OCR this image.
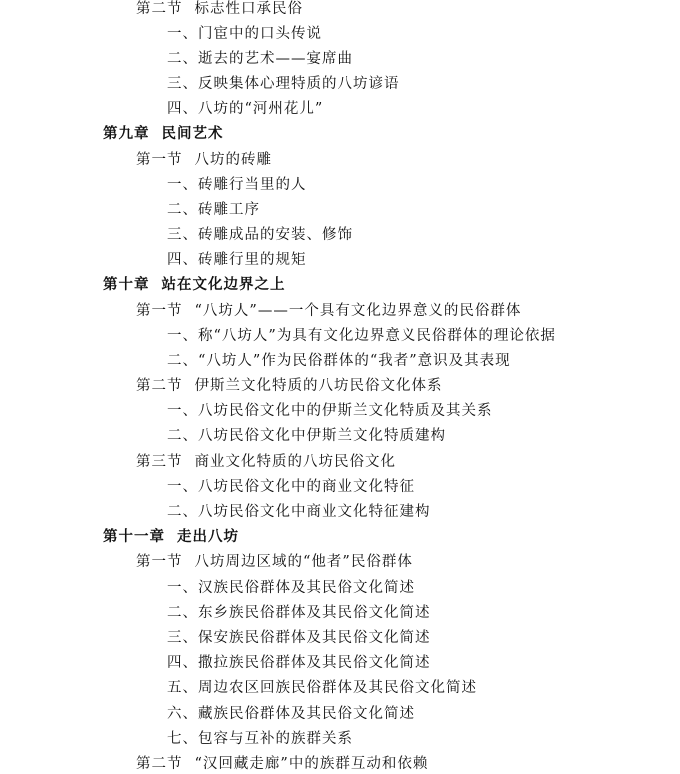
第二节 标志性口承民俗
一、门宦中的口头传说
二、逝去的艺术——宴席曲
三、反映集体心理特质的八坊谚语
四、八坊的“河州花儿”
第九章 民间艺术
第一节 八坊的砖雕
一、砖雕行当里的人
二、砖雕工序
三、砖雕成品的安装、修饰
四、砖雕行里的规矩
第十章 站在文化边界之上
第一节 “八坊人”——一个具有文化边界意义的民俗群体
一、称“八坊人”为具有文化边界意义民俗群体的理论依据
二、“八坊人”作为民俗群体的“我者”意识及其表现
第二节 伊斯兰文化特质的八坊民俗文化体系
一、八坊民俗文化中的伊斯兰文化特质及其关系
二、八坊民俗文化中伊斯兰文化特质建构
第三节 商业文化特质的八坊民俗文化
一、八坊民俗文化中的商业文化特征
二、八坊民俗文化中商业文化特征建构
第十一章 走出八坊
第一节 八坊周边区域的“他者”民俗群体
一、汉族民俗群体及其民俗文化简述
二、东乡族民俗群体及其民俗文化简述
三、保安族民俗群体及其民俗文化简述
四、撒拉族民俗群体及其民俗文化简述
五、周边农区回族民俗群体及其民俗文化简述
六、藏族民俗群体及其民俗文化简述
七、包容与互补的族群关系
第二节 “汉回藏走廊”中的族群互动和依赖
